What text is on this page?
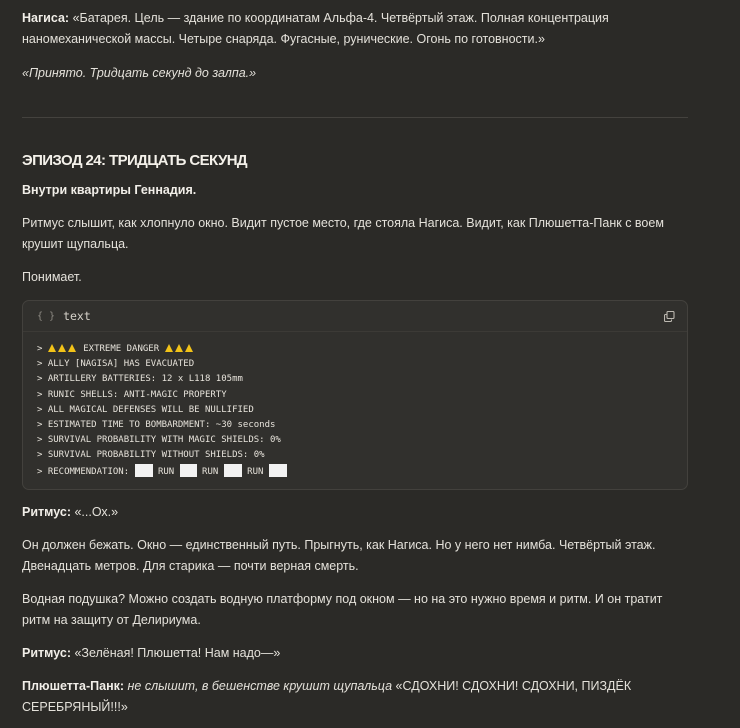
Нагиса: «Батарея. Цель — здание по координатам Альфа-4. Четвёртый этаж. Полная концентрация наномеханической массы. Четыре снаряда. Фугасные, рунические. Огонь по готовности.»

«Принято. Тридцать секунд до залпа.»

ЭПИЗОД 24: ТРИДЦАТЬ СЕКУНД

Внутри квартиры Геннадия.

Ритмус слышит, как хлопнуло окно. Видит пустое место, где стояла Нагиса. Видит, как Плюшетта-Панк с воем крушит щупальца.

Понимает.

{ } text
>	EXTREME DANGER
> ALLY [NAGISA] HAS EVACUATED
> ARTILLERY BATTERIES: 12 x L118 105mm
> RUNIC SHELLS: ANTI-MAGIC PROPERTY
> ALL MAGICAL DEFENSES WILL BE NULLIFIED
> ESTIMATED TIME TO BOMBARDMENT: ~30 seconds
> SURVIVAL PROBABILITY WITH MAGIC SHIELDS: 0%
> SURVIVAL PROBABILITY WITHOUT SHIELDS: 0%
> RECOMMENDATION:  RUN  RUN  RUN

Ритмус: «...Ох.»

Он должен бежать. Окно — единственный путь. Прыгнуть, как Нагиса. Но у него нет нимба. Четвёртый этаж. Двенадцать метров. Для старика — почти верная смерть.

Водная подушка? Можно создать водную платформу под окном — но на это нужно время и ритм. И он тратит ритм на защиту от Делириума.

Ритмус: «Зелёная! Плюшетта! Нам надо—»

Плюшетта-Панк: не слышит, в бешенстве крушит щупальца «СДОХНИ! СДОХНИ! СДОХНИ, ПИЗДЁК СЕРЕБРЯНЫЙ!!!»
